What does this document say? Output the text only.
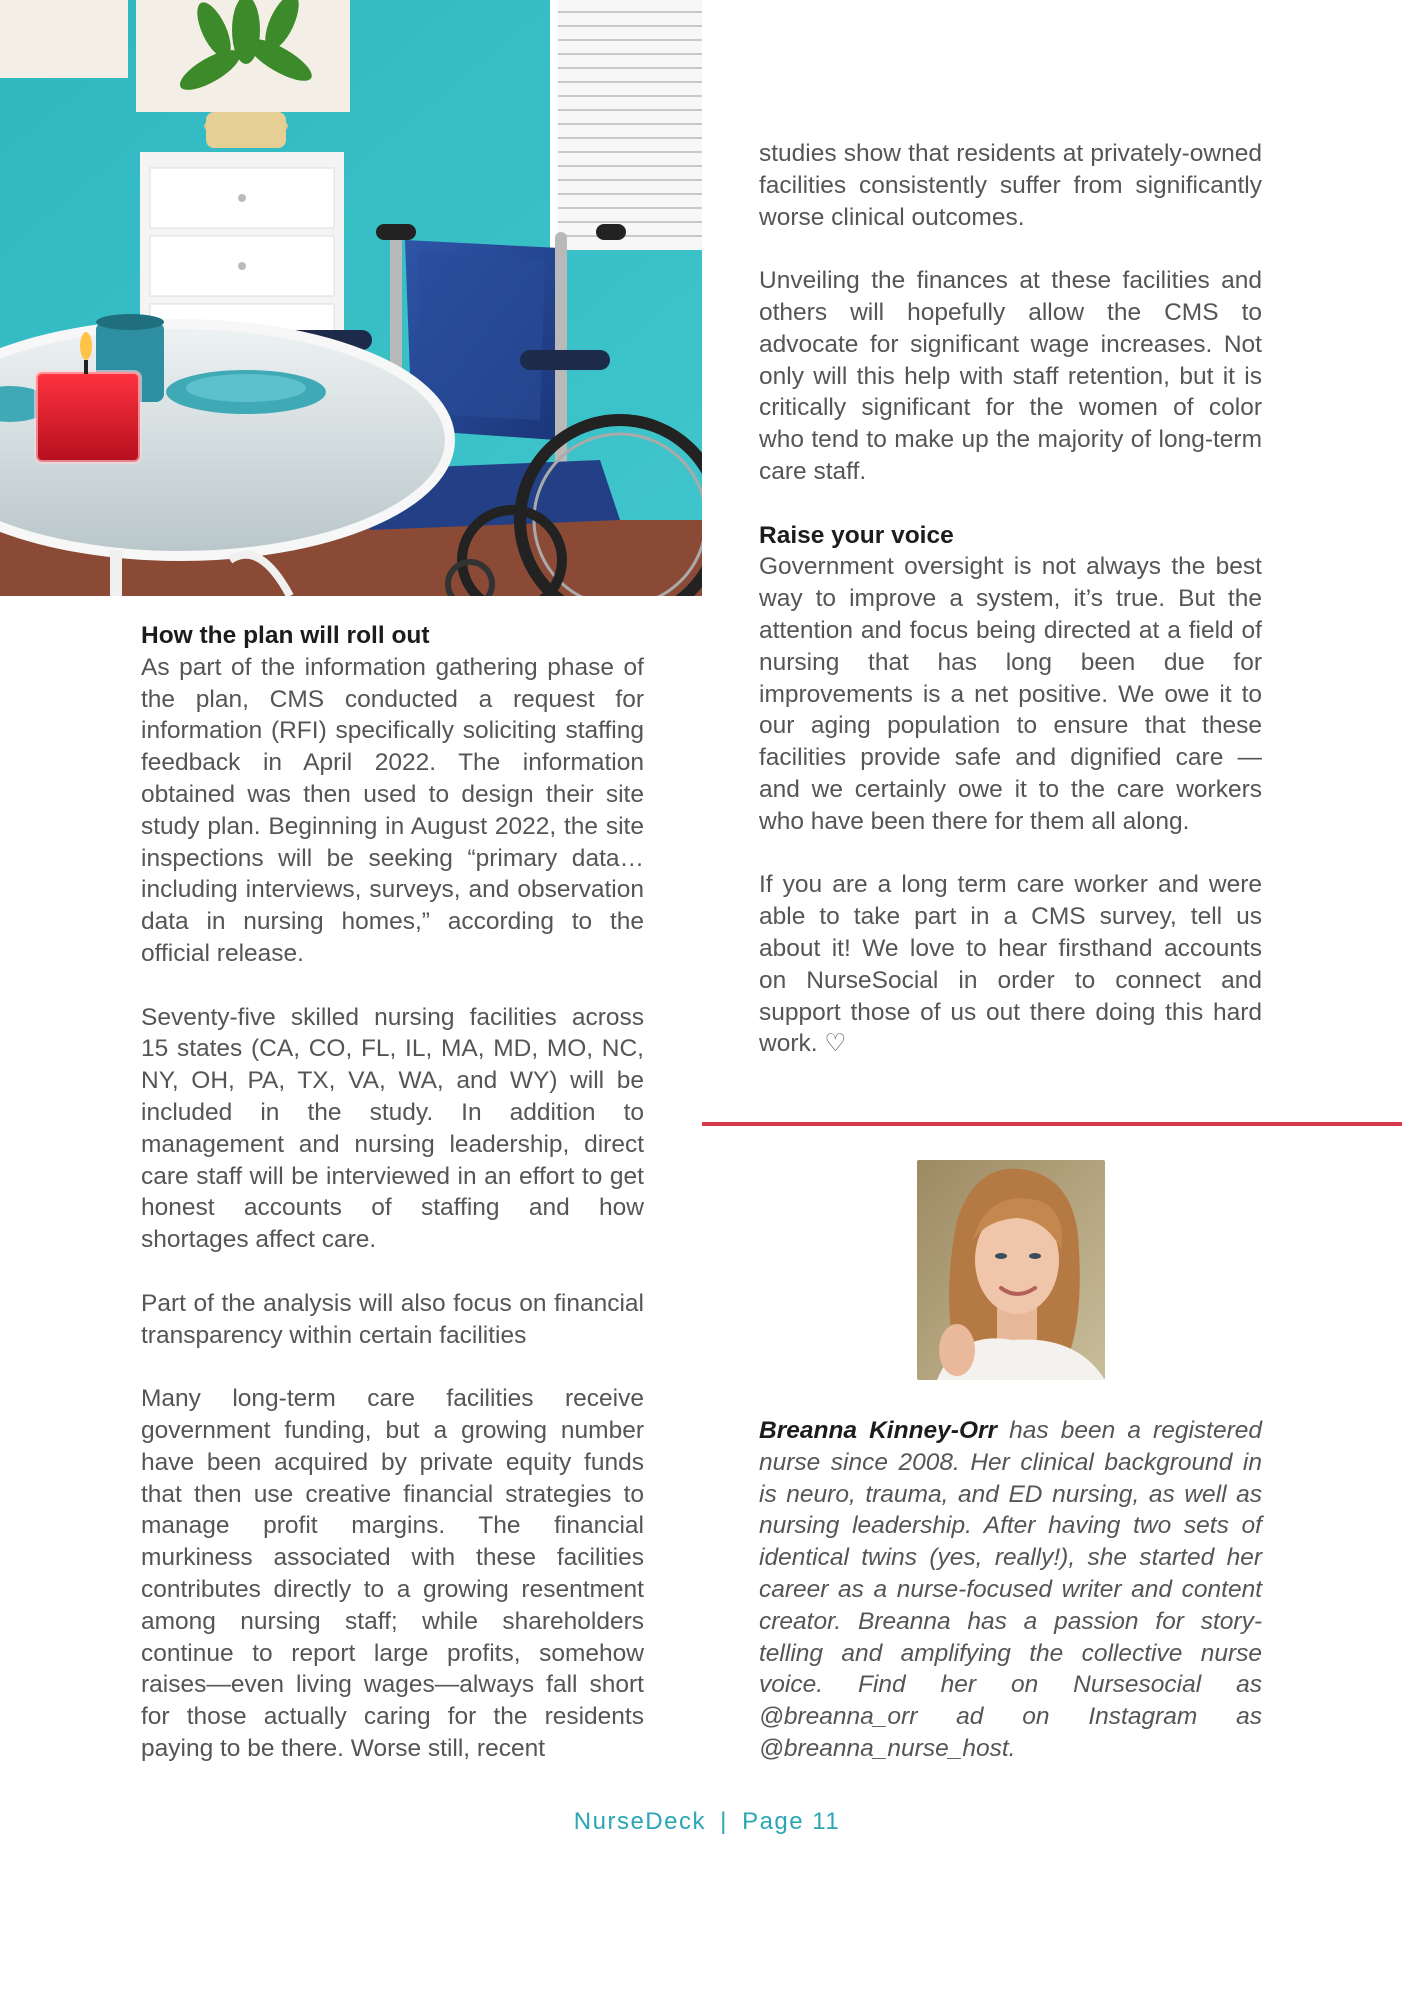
How the plan will roll out

As part of the information gathering phase of the plan, CMS conducted a request for information (RFI) specifically soliciting staffing feedback in April 2022. The information obtained was then used to design their site study plan. Beginning in August 2022, the site inspections will be seeking “primary data…including interviews, surveys, and observation data in nursing homes,” according to the official release.

Seventy-five skilled nursing facilities across 15 states (CA, CO, FL, IL, MA, MD, MO, NC, NY, OH, PA, TX, VA, WA, and WY) will be included in the study. In addition to management and nursing leadership, direct care staff will be interviewed in an effort to get honest accounts of staffing and how shortages affect care.

Part of the analysis will also focus on financial transparency within certain facilities

Many long-term care facilities receive government funding, but a growing number have been acquired by private equity funds that then use creative financial strategies to manage profit margins. The financial murkiness associated with these facilities contributes directly to a growing resentment among nursing staff; while shareholders continue to report large profits, somehow raises—even living wages—always fall short for those actually caring for the residents paying to be there. Worse still, recent

studies show that residents at privately-owned facilities consistently suffer from significantly worse clinical outcomes.

Unveiling the finances at these facilities and others will hopefully allow the CMS to advocate for significant wage increases. Not only will this help with staff retention, but it is critically significant for the women of color who tend to make up the majority of long-term care staff.

Raise your voice

Government oversight is not always the best way to improve a system, it’s true. But the attention and focus being directed at a field of nursing that has long been due for improvements is a net positive. We owe it to our aging population to ensure that these facilities provide safe and dignified care — and we certainly owe it to the care workers who have been there for them all along.

If you are a long term care worker and were able to take part in a CMS survey, tell us about it! We love to hear firsthand accounts on NurseSocial in order to connect and support those of us out there doing this hard work. ♡

Breanna Kinney-Orr has been a registered nurse since 2008. Her clinical background in is neuro, trauma, and ED nursing, as well as nursing leadership. After having two sets of identical twins (yes, really!), she started her career as a nurse-focused writer and content creator. Breanna has a passion for story-telling and amplifying the collective nurse voice. Find her on Nursesocial as @breanna_orr ad on Instagram as @breanna_nurse_host.
NurseDeck | Page 11
